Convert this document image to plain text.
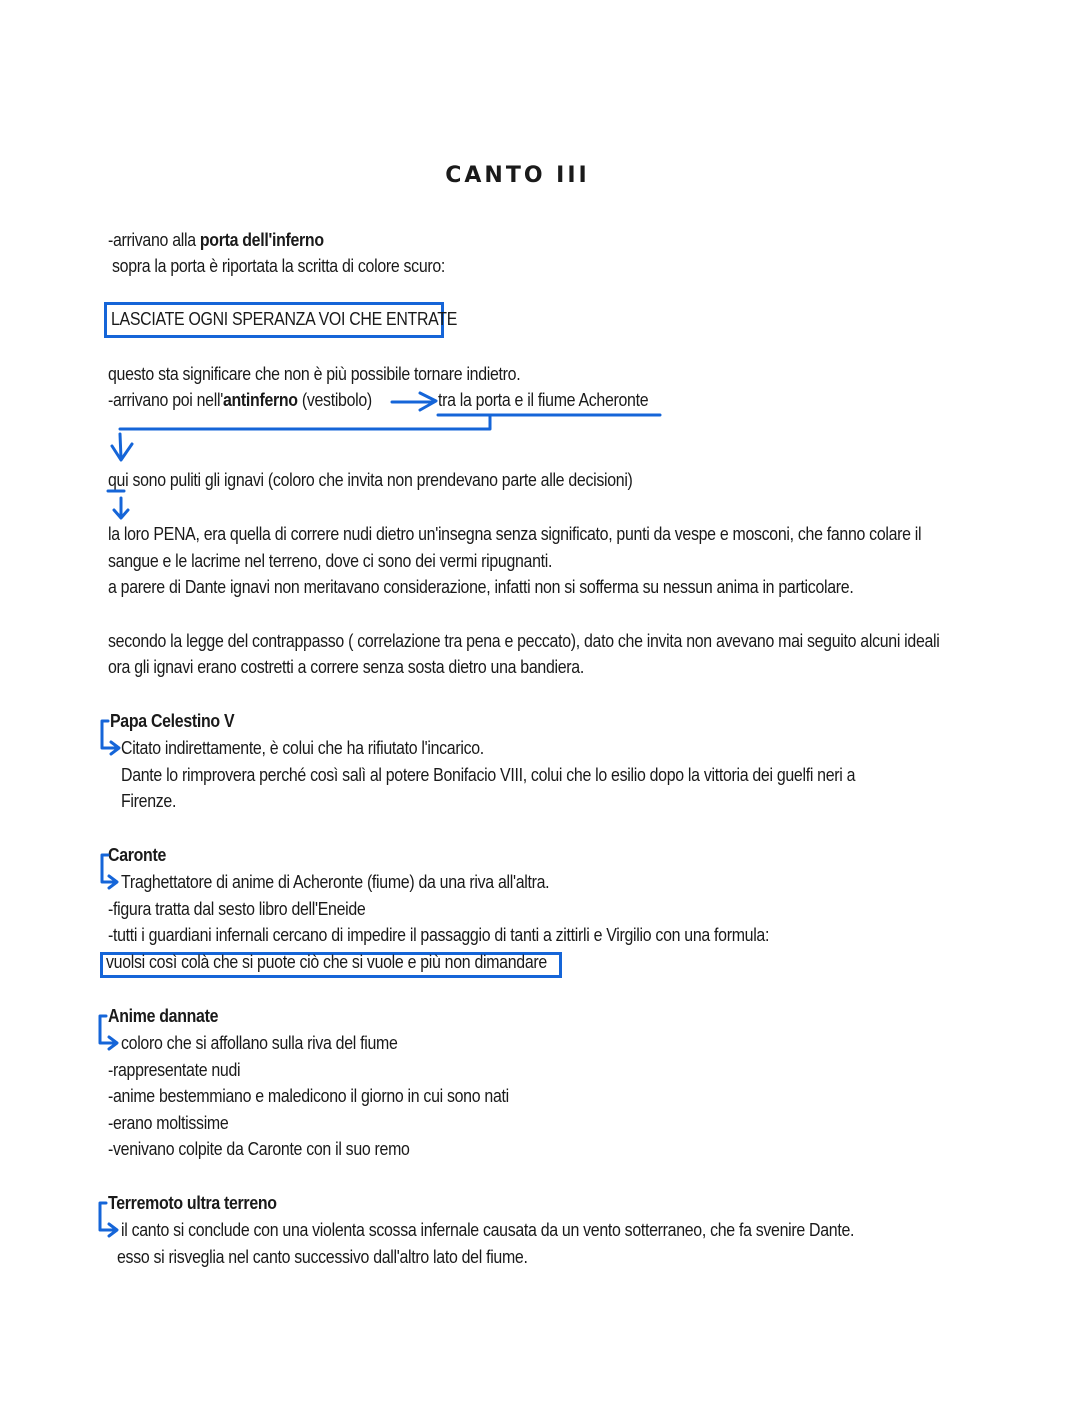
CANTO III

-arrivano alla porta dell'inferno

sopra la porta è riportata la scritta di colore scuro:

LASCIATE OGNI SPERANZA VOI CHE ENTRATE

questo sta significare che non è più possibile tornare indietro.

-arrivano poi nell'antinferno (vestibolo)	tra la porta e il fiume Acheronte

qui sono puliti gli ignavi (coloro che invita non prendevano parte alle decisioni)

la loro PENA, era quella di correre nudi dietro un'insegna senza significato, punti da vespe e mosconi, che fanno colare il

sangue e le lacrime nel terreno, dove ci sono dei vermi ripugnanti.

a parere di Dante ignavi non meritavano considerazione, infatti non si sofferma su nessun anima in particolare.

secondo la legge del contrappasso ( correlazione tra pena e peccato), dato che invita non avevano mai seguito alcuni ideali

ora gli ignavi erano costretti a correre senza sosta dietro una bandiera.

Papa Celestino V

Citato indirettamente, è colui che ha rifiutato l'incarico.

Dante lo rimprovera perché così salì al potere Bonifacio VIII, colui che lo esilio dopo la vittoria dei guelfi neri a

Firenze.

Caronte

Traghettatore di anime di Acheronte (fiume) da una riva all'altra.

-figura tratta dal sesto libro dell'Eneide

-tutti i guardiani infernali cercano di impedire il passaggio di tanti a zittirli e Virgilio con una formula:

vuolsi così colà che si puote ciò che si vuole e più non dimandare

Anime dannate

coloro che si affollano sulla riva del fiume

-rappresentate nudi

-anime bestemmiano e maledicono il giorno in cui sono nati

-erano moltissime

-venivano colpite da Caronte con il suo remo

Terremoto ultra terreno

il canto si conclude con una violenta scossa infernale causata da un vento sotterraneo, che fa svenire Dante.

esso si risveglia nel canto successivo dall'altro lato del fiume.
